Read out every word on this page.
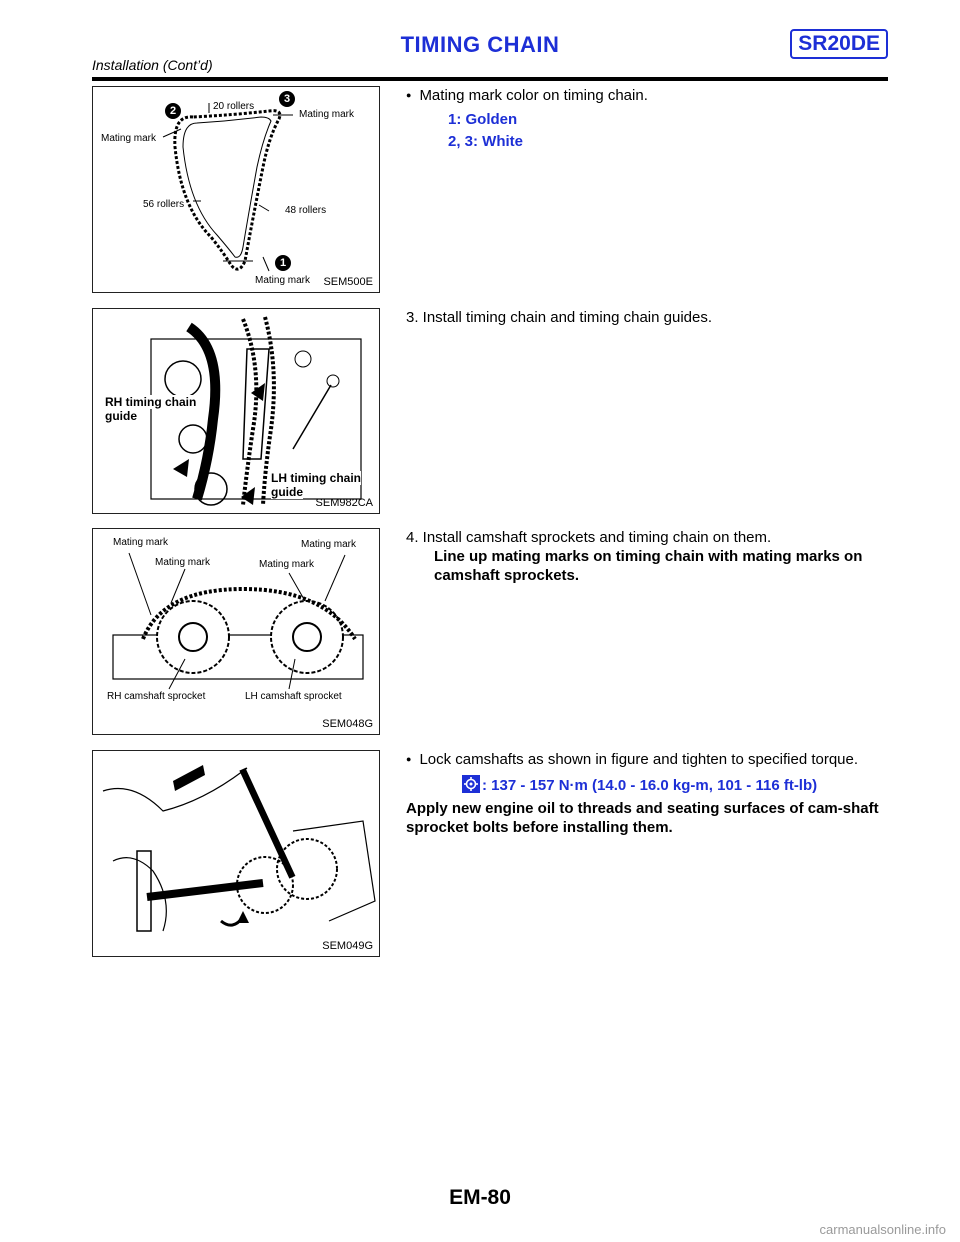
TIMING CHAIN	SR20DE
Installation (Cont’d)
2	20 rollers
3
Mating mark
Mating mark
56 rollers
48 rollers
1
Mating mark SEM500E
RH timing chain
guide
LH timing chain
guide
SEM982CA
Mating mark
Mating mark
Mating mark
Mating mark
RH camshaft sprocket	LH camshaft sprocket
SEM048G
SEM049G
● Mating mark color on timing chain.
1: Golden
2, 3: White
3. Install timing chain and timing chain guides.
4. Install camshaft sprockets and timing chain on them.
Line up mating marks on timing chain with mating marks on camshaft sprockets.
● Lock camshafts as shown in figure and tighten to specified torque.
: 137 - 157 N·m (14.0 - 16.0 kg-m, 101 - 116 ft-lb)
Apply new engine oil to threads and seating surfaces of cam-shaft sprocket bolts before installing them.
EM-80
carmanualsonline.info
